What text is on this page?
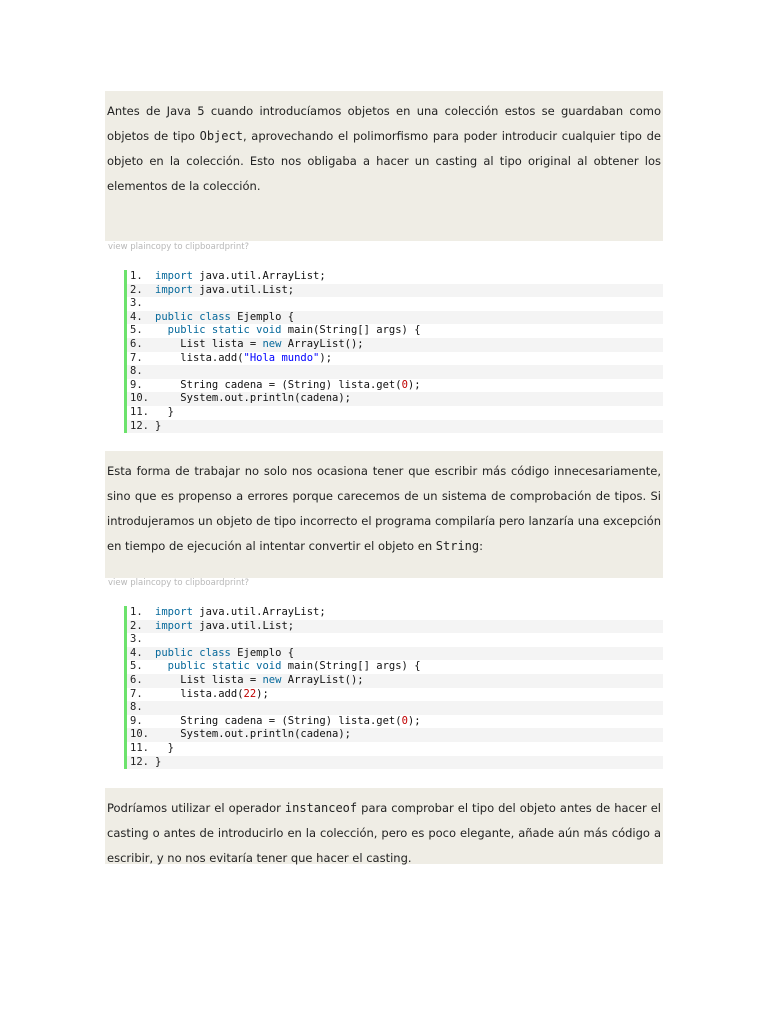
Antes de Java 5 cuando introducíamos objetos en una colección estos se guardaban como objetos de tipo Object, aprovechando el polimorfismo para poder introducir cualquier tipo de objeto en la colección. Esto nos obligaba a hacer un casting al tipo original al obtener los elementos de la colección.
view plaincopy to clipboardprint?
1. import java.util.ArrayList;
2. import java.util.List;
3.
4. public class Ejemplo {
5. public static void main(String[] args) {
6.	List lista = new ArrayList();
7.	lista.add("Hola mundo");
8.
9.	String cadena = (String) lista.get(0);
10.	System.out.println(cadena);
11. }
12. }
Esta forma de trabajar no solo nos ocasiona tener que escribir más código innecesariamente, sino que es propenso a errores porque carecemos de un sistema de comprobación de tipos. Si introdujeramos un objeto de tipo incorrecto el programa compilaría pero lanzaría una excepción en tiempo de ejecución al intentar convertir el objeto en String:
view plaincopy to clipboardprint?
1. import java.util.ArrayList;
2. import java.util.List;
3.
4. public class Ejemplo {
5. public static void main(String[] args) {
6.	List lista = new ArrayList();
7.	lista.add(22);
8.
9.	String cadena = (String) lista.get(0);
10.	System.out.println(cadena);
11. }
12. }
Podríamos utilizar el operador instanceof para comprobar el tipo del objeto antes de hacer el casting o antes de introducirlo en la colección, pero es poco elegante, añade aún más código a escribir, y no nos evitaría tener que hacer el casting.
